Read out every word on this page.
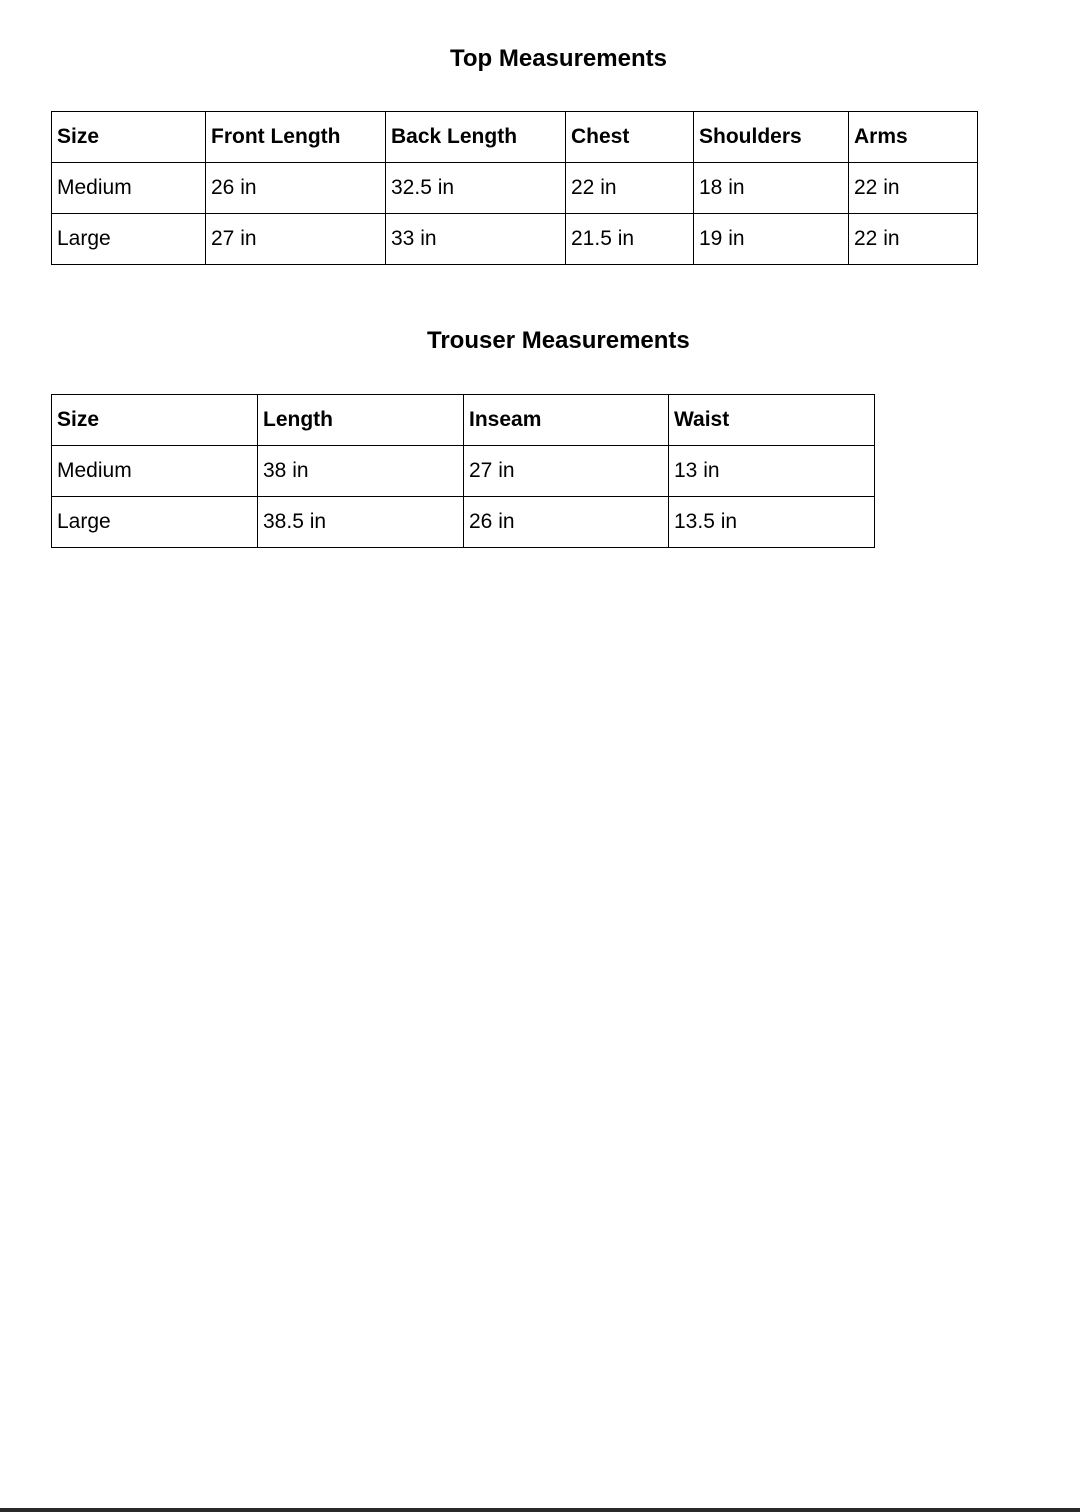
Top Measurements
Size	Front Length	Back Length	Chest	Shoulders	Arms
Medium	26 in	32.5 in	22 in	18 in	22 in
Large	27 in	33 in	21.5 in	19 in	22 in
Trouser Measurements
Size	Length	Inseam	Waist
Medium	38 in	27 in	13 in
Large	38.5 in	26 in	13.5 in
